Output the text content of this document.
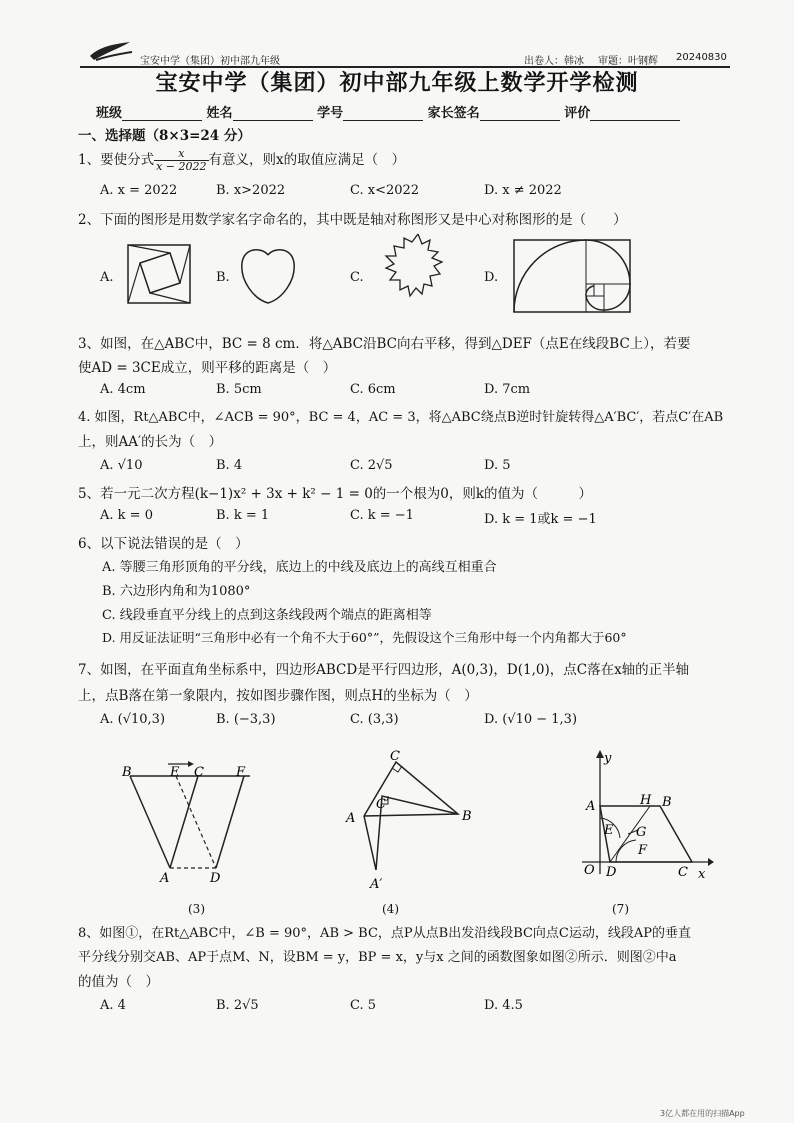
宝安中学（集团）初中部九年级	出卷人：韩冰 审题：叶钢辉 20240830
宝安中学（集团）初中部九年级上数学开学检测
班级	姓名	学号	家长签名	评价
一、选择题（8×3=24 分）
1、要使分式 $\frac{x}{x - 2022}$ 有意义，则x的取值应满足（　）
A. x = 2022	B. x>2022	C. x<2022	D. x ≠ 2022
2、下面的图形是用数学家名字命名的，其中既是轴对称图形又是中心对称图形的是（　　）
A.	B.	C.	D.
3、如图，在△ABC中，BC = 8 cm．将△ABC沿BC向右平移，得到△DEF（点E在线段BC上），若要
使AD = 3CE成立，则平移的距离是（　）
A. 4cm	B. 5cm	C. 6cm	D. 7cm
4. 如图，Rt△ABC中，∠ACB = 90°，BC = 4，AC = 3，将△ABC绕点B逆时针旋转得△A′BC′，若点C′在AB
上，则AA′的长为（　）
A. √10	B. 4	C. 2√5	D. 5
5、若一元二次方程(k−1)x² + 3x + k² − 1 = 0的一个根为0，则k的值为（　　　）
A. k = 0	B. k = 1	C. k = −1	D. k = 1或k = −1
6、以下说法错误的是（　）
A. 等腰三角形顶角的平分线，底边上的中线及底边上的高线互相重合
B. 六边形内角和为1080°
C. 线段垂直平分线上的点到这条线段两个端点的距离相等
D. 用反证法证明“三角形中必有一个角不大于60°”，先假设这个三角形中每一个内角都大于60°
7、如图，在平面直角坐标系中，四边形ABCD是平行四边形，A(0,3)，D(1,0)，点C落在x轴的正半轴
上，点B落在第一象限内，按如图步骤作图，则点H的坐标为（　）
A. (√10,3)	B. (−3,3)	C. (3,3)	D. (√10 − 1,3)
B	E C F
A	D
(3)
C
C′
A	B
A′
(4)
y
x
O
A	H B
E G
F
D	C
(7)
8、如图①，在Rt△ABC中，∠B = 90°，AB > BC，点P从点B出发沿线段BC向点C运动，线段AP的垂直
平分线分别交AB、AP于点M、N，设BM = y，BP = x，y与x 之间的函数图象如图②所示．则图②中a
的值为（　）
A. 4	B. 2√5	C. 5	D. 4.5
3亿人都在用的扫描App
